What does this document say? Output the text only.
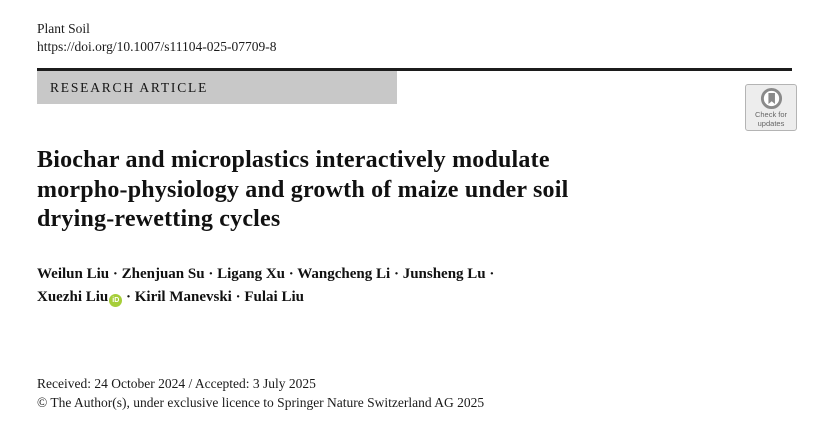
Plant Soil
https://doi.org/10.1007/s11104-025-07709-8
RESEARCH ARTICLE
Check for
updates
Biochar and microplastics interactively modulate
morpho-physiology and growth of maize under soil
drying-rewetting cycles
Weilun Liu · Zhenjuan Su · Ligang Xu · Wangcheng Li · Junsheng Lu ·
Xuezhi Liu iD · Kiril Manevski · Fulai Liu
Received: 24 October 2024 / Accepted: 3 July 2025
© The Author(s), under exclusive licence to Springer Nature Switzerland AG 2025
